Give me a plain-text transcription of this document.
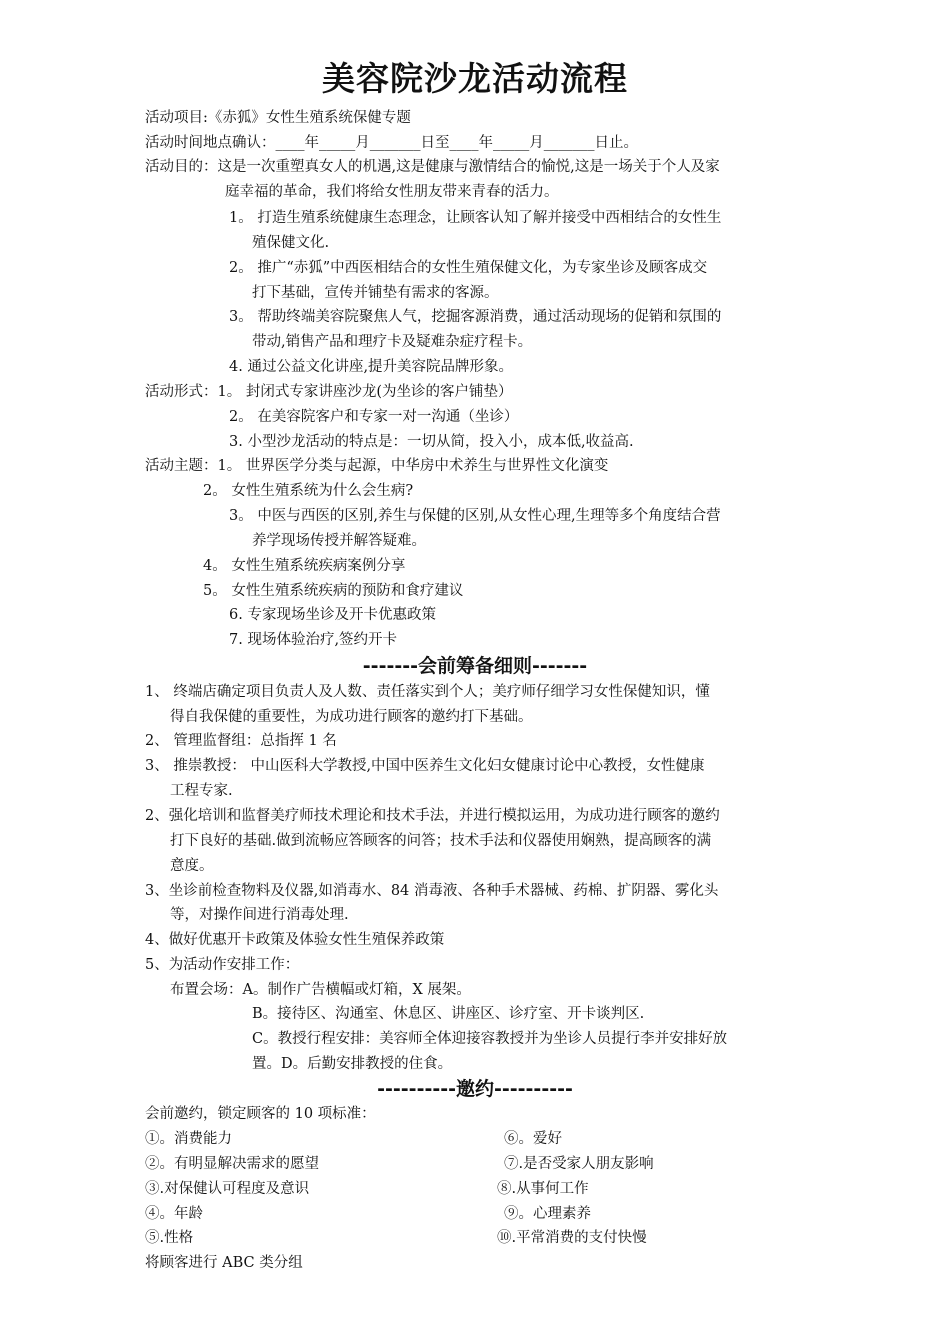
美容院沙龙活动流程
活动项目:《赤狐》女性生殖系统保健专题
活动时间地点确认：____年_____月_______日至____年_____月_______日止。
活动目的：这是一次重塑真女人的机遇,这是健康与激情结合的愉悦,这是一场关于个人及家
庭幸福的革命，我们将给女性朋友带来青春的活力。
1。 打造生殖系统健康生态理念，让顾客认知了解并接受中西相结合的女性生
殖保健文化.
2。 推广“赤狐”中西医相结合的女性生殖保健文化，为专家坐诊及顾客成交
打下基础，宣传并铺垫有需求的客源。
3。 帮助终端美容院聚焦人气，挖掘客源消费，通过活动现场的促销和氛围的
带动,销售产品和理疗卡及疑难杂症疗程卡。
4. 通过公益文化讲座,提升美容院品牌形象。
活动形式：1。 封闭式专家讲座沙龙(为坐诊的客户铺垫）
2。 在美容院客户和专家一对一沟通（坐诊）
3. 小型沙龙活动的特点是：一切从简，投入小，成本低,收益高.
活动主题：1。 世界医学分类与起源，中华房中术养生与世界性文化演变
2。 女性生殖系统为什么会生病?
3。 中医与西医的区别,养生与保健的区别,从女性心理,生理等多个角度结合营
养学现场传授并解答疑难。
4。 女性生殖系统疾病案例分享
5。 女性生殖系统疾病的预防和食疗建议
6. 专家现场坐诊及开卡优惠政策
7. 现场体验治疗,签约开卡
-------会前筹备细则-------
1、 终端店确定项目负责人及人数、责任落实到个人；美疗师仔细学习女性保健知识，懂
得自我保健的重要性，为成功进行顾客的邀约打下基础。
2、 管理监督组：总指挥 1 名
3、 推崇教授： 中山医科大学教授,中国中医养生文化妇女健康讨论中心教授，女性健康
工程专家.
2、强化培训和监督美疗师技术理论和技术手法，并进行模拟运用，为成功进行顾客的邀约
打下良好的基础.做到流畅应答顾客的问答；技术手法和仪器使用娴熟，提高顾客的满
意度。
3、坐诊前检查物料及仪器,如消毒水、84 消毒液、各种手术器械、药棉、扩阴器、雾化头
等，对操作间进行消毒处理.
4、做好优惠开卡政策及体验女性生殖保养政策
5、为活动作安排工作：
布置会场：A。制作广告横幅或灯箱，X 展架。
B。接待区、沟通室、休息区、讲座区、诊疗室、开卡谈判区.
C。教授行程安排：美容师全体迎接容教授并为坐诊人员提行李并安排好放
置。D。后勤安排教授的住食。
----------邀约----------
会前邀约，锁定顾客的 10 项标准：
①。消费能力	⑥。爱好
②。有明显解决需求的愿望	⑦.是否受家人朋友影响
③.对保健认可程度及意识	⑧.从事何工作
④。年龄	⑨。心理素养
⑤.性格	⑩.平常消费的支付快慢
将顾客进行 ABC 类分组
